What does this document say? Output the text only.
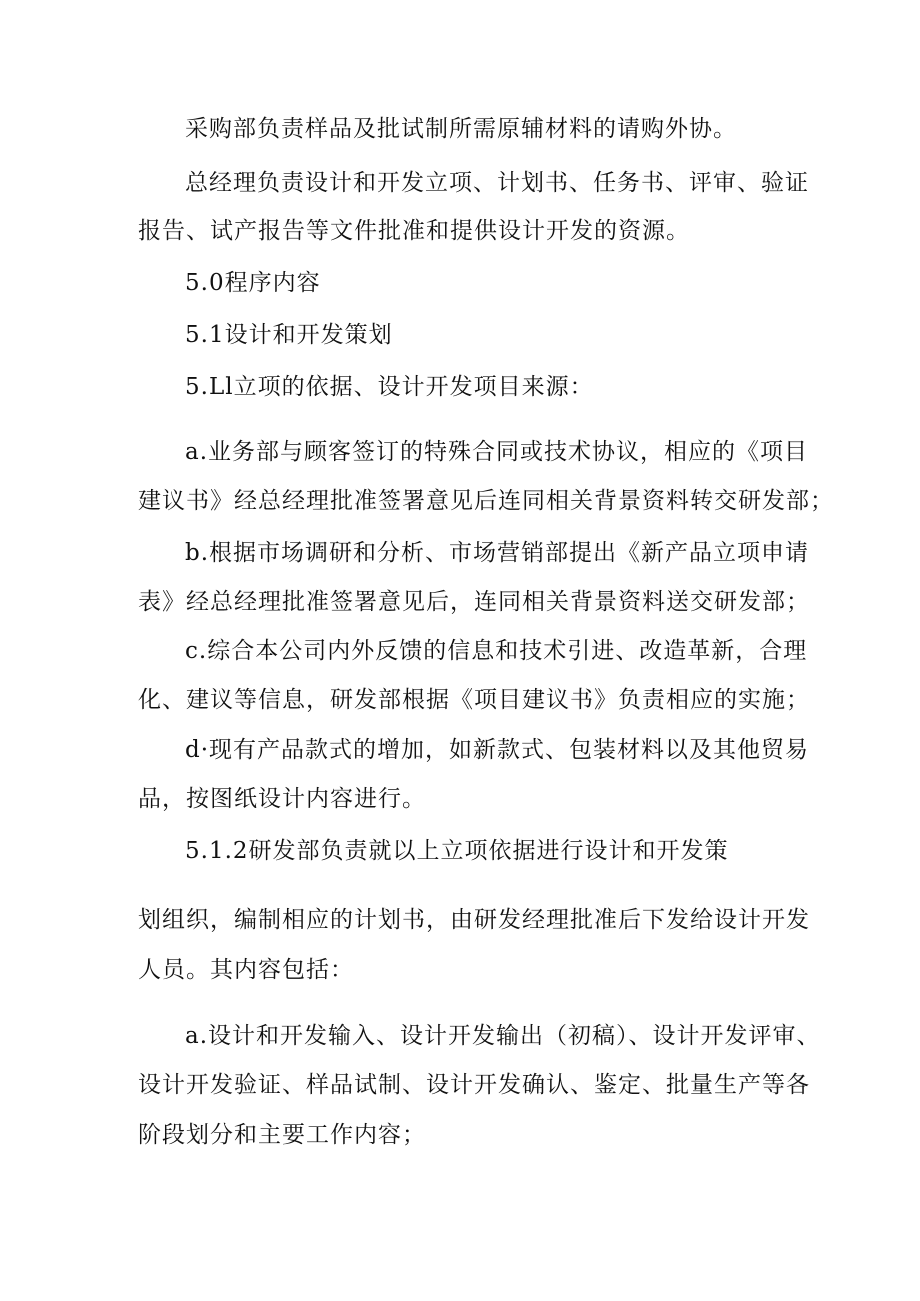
采购部负责样品及批试制所需原辅材料的请购外协。
总经理负责设计和开发立项、计划书、任务书、评审、验证
报告、试产报告等文件批准和提供设计开发的资源。
5.0程序内容
5.1设计和开发策划
5.Ll立项的依据、设计开发项目来源：
a.业务部与顾客签订的特殊合同或技术协议，相应的《项目
建议书》经总经理批准签署意见后连同相关背景资料转交研发部；
b.根据市场调研和分析、市场营销部提出《新产品立项申请
表》经总经理批准签署意见后，连同相关背景资料送交研发部；
c.综合本公司内外反馈的信息和技术引进、改造革新，合理
化、建议等信息，研发部根据《项目建议书》负责相应的实施；
d·现有产品款式的增加，如新款式、包装材料以及其他贸易
品，按图纸设计内容进行。
5.1.2研发部负责就以上立项依据进行设计和开发策
划组织，编制相应的计划书，由研发经理批准后下发给设计开发
人员。其内容包括：
a.设计和开发输入、设计开发输出（初稿）、设计开发评审、
设计开发验证、样品试制、设计开发确认、鉴定、批量生产等各
阶段划分和主要工作内容；
